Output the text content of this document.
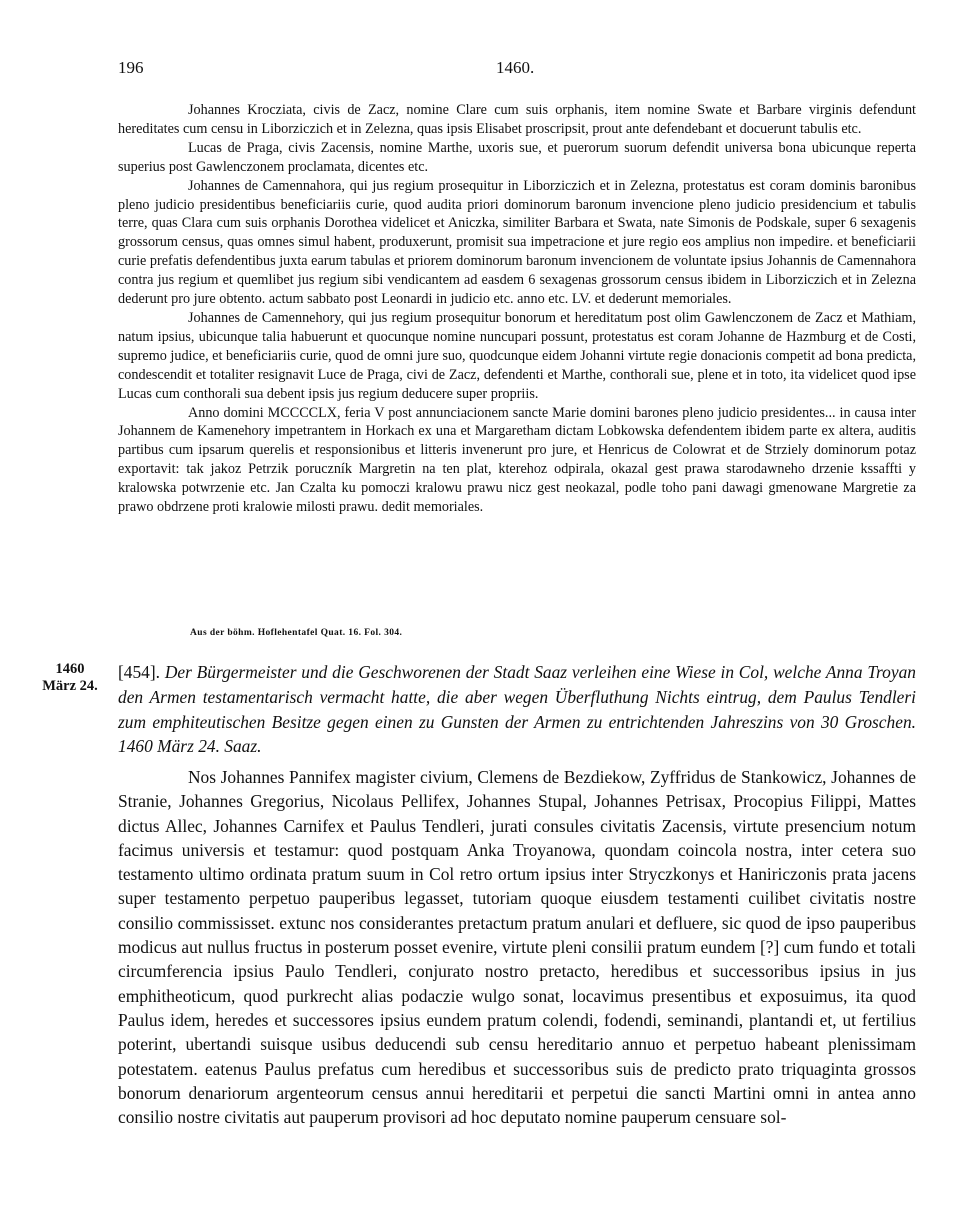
196	1460.

Johannes Krocziata, civis de Zacz, nomine Clare cum suis orphanis, item nomine Swate et Barbare virginis defendunt hereditates cum censu in Liborziczich et in Zelezna, quas ipsis Elisabet proscripsit, prout ante defendebant et docuerunt tabulis etc.

Lucas de Praga, civis Zacensis, nomine Marthe, uxoris sue, et puerorum suorum defendit universa bona ubicunque reperta superius post Gawlenczonem proclamata, dicentes etc.

Johannes de Camennahora, qui jus regium prosequitur in Liborziczich et in Zelezna, protestatus est coram dominis baronibus pleno judicio presidentibus beneficiariis curie, quod audita priori dominorum baronum invencione pleno judicio presidencium et tabulis terre, quas Clara cum suis orphanis Dorothea videlicet et Aniczka, similiter Barbara et Swata, nate Simonis de Podskale, super 6 sexagenis grossorum census, quas omnes simul habent, produxerunt, promisit sua impetracione et jure regio eos amplius non impedire. et beneficiarii curie prefatis defendentibus juxta earum tabulas et priorem dominorum baronum invencionem de voluntate ipsius Johannis de Camennahora contra jus regium et quemlibet jus regium sibi vendicantem ad easdem 6 sexagenas grossorum census ibidem in Liborziczich et in Zelezna dederunt pro jure obtento. actum sabbato post Leonardi in judicio etc. anno etc. LV. et dederunt memoriales.

Johannes de Camennehory, qui jus regium prosequitur bonorum et hereditatum post olim Gawlenczonem de Zacz et Mathiam, natum ipsius, ubicunque talia habuerunt et quocunque nomine nuncupari possunt, protestatus est coram Johanne de Hazmburg et de Costi, supremo judice, et beneficiariis curie, quod de omni jure suo, quodcunque eidem Johanni virtute regie donacionis competit ad bona predicta, condescendit et totaliter resignavit Luce de Praga, civi de Zacz, defendenti et Marthe, conthorali sue, plene et in toto, ita videlicet quod ipse Lucas cum conthorali sua debent ipsis jus regium deducere super propriis.

Anno domini MCCCCLX, feria V post annunciacionem sancte Marie domini barones pleno judicio presidentes... in causa inter Johannem de Kamenehory impetrantem in Horkach ex una et Margaretham dictam Lobkowska defendentem ibidem parte ex altera, auditis partibus cum ipsarum querelis et responsionibus et litteris invenerunt pro jure, et Henricus de Colowrat et de Strziely dominorum potaz exportavit: tak jakoz Petrzik poruczník Margretin na ten plat, kterehoz odpirala, okazal gest prawa starodawneho drzenie kssaffti y kralowska potwrzenie etc. Jan Czalta ku pomoczi kralowu prawu nicz gest neokazal, podle toho pani dawagi gmenowane Margretie za prawo obdrzene proti kralowie milosti prawu. dedit memoriales.

Aus der böhm. Hoflehentafel Quat. 16. Fol. 304.
1460
März 24.
[454]. Der Bürgermeister und die Geschworenen der Stadt Saaz verleihen eine Wiese in Col, welche Anna Troyan den Armen testamentarisch vermacht hatte, die aber wegen Überfluthung Nichts eintrug, dem Paulus Tendleri zum emphiteutischen Besitze gegen einen zu Gunsten der Armen zu entrichtenden Jahreszins von 30 Groschen. 1460 März 24. Saaz.

Nos Johannes Pannifex magister civium, Clemens de Bezdiekow, Zyffridus de Stankowicz, Johannes de Stranie, Johannes Gregorius, Nicolaus Pellifex, Johannes Stupal, Johannes Petrisax, Procopius Filippi, Mattes dictus Allec, Johannes Carnifex et Paulus Tendleri, jurati consules civitatis Zacensis, virtute presencium notum facimus universis et testamur: quod postquam Anka Troyanowa, quondam coincola nostra, inter cetera suo testamento ultimo ordinata pratum suum in Col retro ortum ipsius inter Stryczkonys et Haniriczonis prata jacens super testamento perpetuo pauperibus legasset, tutoriam quoque eiusdem testamenti cuilibet civitatis nostre consilio commississet. extunc nos considerantes pretactum pratum anulari et defluere, sic quod de ipso pauperibus modicus aut nullus fructus in posterum posset evenire, virtute pleni consilii pratum eundem [?] cum fundo et totali circumferencia ipsius Paulo Tendleri, conjurato nostro pretacto, heredibus et successoribus ipsius in jus emphitheoticum, quod purkrecht alias podaczie wulgo sonat, locavimus presentibus et exposuimus, ita quod Paulus idem, heredes et successores ipsius eundem pratum colendi, fodendi, seminandi, plantandi et, ut fertilius poterint, ubertandi suisque usibus deducendi sub censu hereditario annuo et perpetuo habeant plenissimam potestatem. eatenus Paulus prefatus cum heredibus et successoribus suis de predicto prato triquaginta grossos bonorum denariorum argenteorum census annui hereditarii et perpetui die sancti Martini omni in antea anno consilio nostre civitatis aut pauperum provisori ad hoc deputato nomine pauperum censuare sol-
